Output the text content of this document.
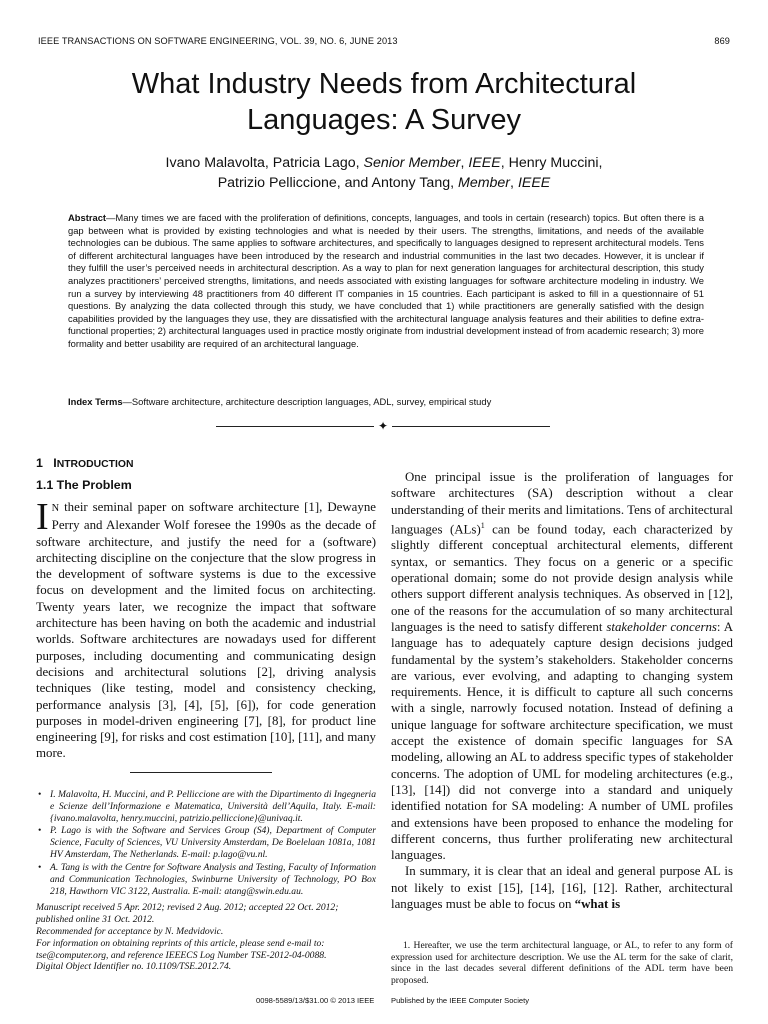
IEEE TRANSACTIONS ON SOFTWARE ENGINEERING, VOL. 39, NO. 6, JUNE 2013	869
What Industry Needs from Architectural
Languages: A Survey
Ivano Malavolta, Patricia Lago, Senior Member, IEEE, Henry Muccini,
Patrizio Pelliccione, and Antony Tang, Member, IEEE
Abstract—Many times we are faced with the proliferation of definitions, concepts, languages, and tools in certain (research) topics. But often there is a gap between what is provided by existing technologies and what is needed by their users. The strengths, limitations, and needs of the available technologies can be dubious. The same applies to software architectures, and specifically to languages designed to represent architectural models. Tens of different architectural languages have been introduced by the research and industrial communities in the last two decades. However, it is unclear if they fulfill the user’s perceived needs in architectural description. As a way to plan for next generation languages for architectural description, this study analyzes practitioners’ perceived strengths, limitations, and needs associated with existing languages for software architecture modeling in industry. We run a survey by interviewing 48 practitioners from 40 different IT companies in 15 countries. Each participant is asked to fill in a questionnaire of 51 questions. By analyzing the data collected through this study, we have concluded that 1) while practitioners are generally satisfied with the design capabilities provided by the languages they use, they are dissatisfied with the architectural language analysis features and their abilities to define extra-functional properties; 2) architectural languages used in practice mostly originate from industrial development instead of from academic research; 3) more formality and better usability are required of an architectural language.
Index Terms—Software architecture, architecture description languages, ADL, survey, empirical study
✦
1 INTRODUCTION
1.1 The Problem

I N their seminal paper on software architecture [1], Dewayne Perry and Alexander Wolf foresee the 1990s as the decade of software architecture, and justify the need for a (software) architecting discipline on the conjecture that the slow progress in the development of software systems is due to the excessive focus on development and the limited focus on architecting. Twenty years later, we recognize the impact that software architecture has been having on both the academic and industrial worlds. Software architectures are nowadays used for different purposes, including documenting and communicating design decisions and architectural solutions [2], driving analysis techniques (like testing, model and consistency checking, performance analysis [3], [4], [5], [6]), for code generation purposes in model-driven engineering [7], [8], for product line engineering [9], for risks and cost estimation [10], [11], and many more.

• I. Malavolta, H. Muccini, and P. Pelliccione are with the Dipartimento di Ingegneria e Scienze dell’Informazione e Matematica, Università dell’Aquila, Italy. E-mail: {ivano.malavolta, henry.muccini, patrizio.pelliccione}@univaq.it.
• P. Lago is with the Software and Services Group (S4), Department of Computer Science, Faculty of Sciences, VU University Amsterdam, De Boelelaan 1081a, 1081 HV Amsterdam, The Netherlands. E-mail: p.lago@vu.nl.
• A. Tang is with the Centre for Software Analysis and Testing, Faculty of Information and Communication Technologies, Swinburne University of Technology, PO Box 218, Hawthorn VIC 3122, Australia. E-mail: atang@swin.edu.au.
Manuscript received 5 Apr. 2012; revised 2 Aug. 2012; accepted 22 Oct. 2012; published online 31 Oct. 2012.
Recommended for acceptance by N. Medvidovic.
For information on obtaining reprints of this article, please send e-mail to: tse@computer.org, and reference IEEECS Log Number TSE-2012-04-0088.
Digital Object Identifier no. 10.1109/TSE.2012.74.

One principal issue is the proliferation of languages for software architectures (SA) description without a clear understanding of their merits and limitations. Tens of architectural languages (ALs)$^1$ can be found today, each characterized by slightly different conceptual architectural elements, different syntax, or semantics. They focus on a generic or a specific operational domain; some do not provide design analysis while others support different analysis techniques. As observed in [12], one of the reasons for the accumulation of so many architectural languages is the need to satisfy different stakeholder concerns: A language has to adequately capture design decisions judged fundamental by the system’s stakeholders. Stakeholder concerns are various, ever evolving, and adapting to changing system requirements. Hence, it is difficult to capture all such concerns with a single, narrowly focused notation. Instead of defining a unique language for software architecture specification, we must accept the existence of domain specific languages for SA modeling, allowing an AL to address specific types of stakeholder concerns. The adoption of UML for modeling architectures (e.g., [13], [14]) did not converge into a standard and uniquely identified notation for SA modeling: A number of UML profiles and extensions have been proposed to enhance the modeling for different concerns, thus further proliferating new architectural languages.

In summary, it is clear that an ideal and general purpose AL is not likely to exist [15], [14], [16], [12]. Rather, architectural languages must be able to focus on “what is

1. Hereafter, we use the term architectural language, or AL, to refer to any form of expression used for architecture description. We use the AL term for the sake of clarit, since in the last decades several different definitions of the ADL term have been proposed.

0098-5589/13/$31.00 © 2013 IEEE Published by the IEEE Computer Society
